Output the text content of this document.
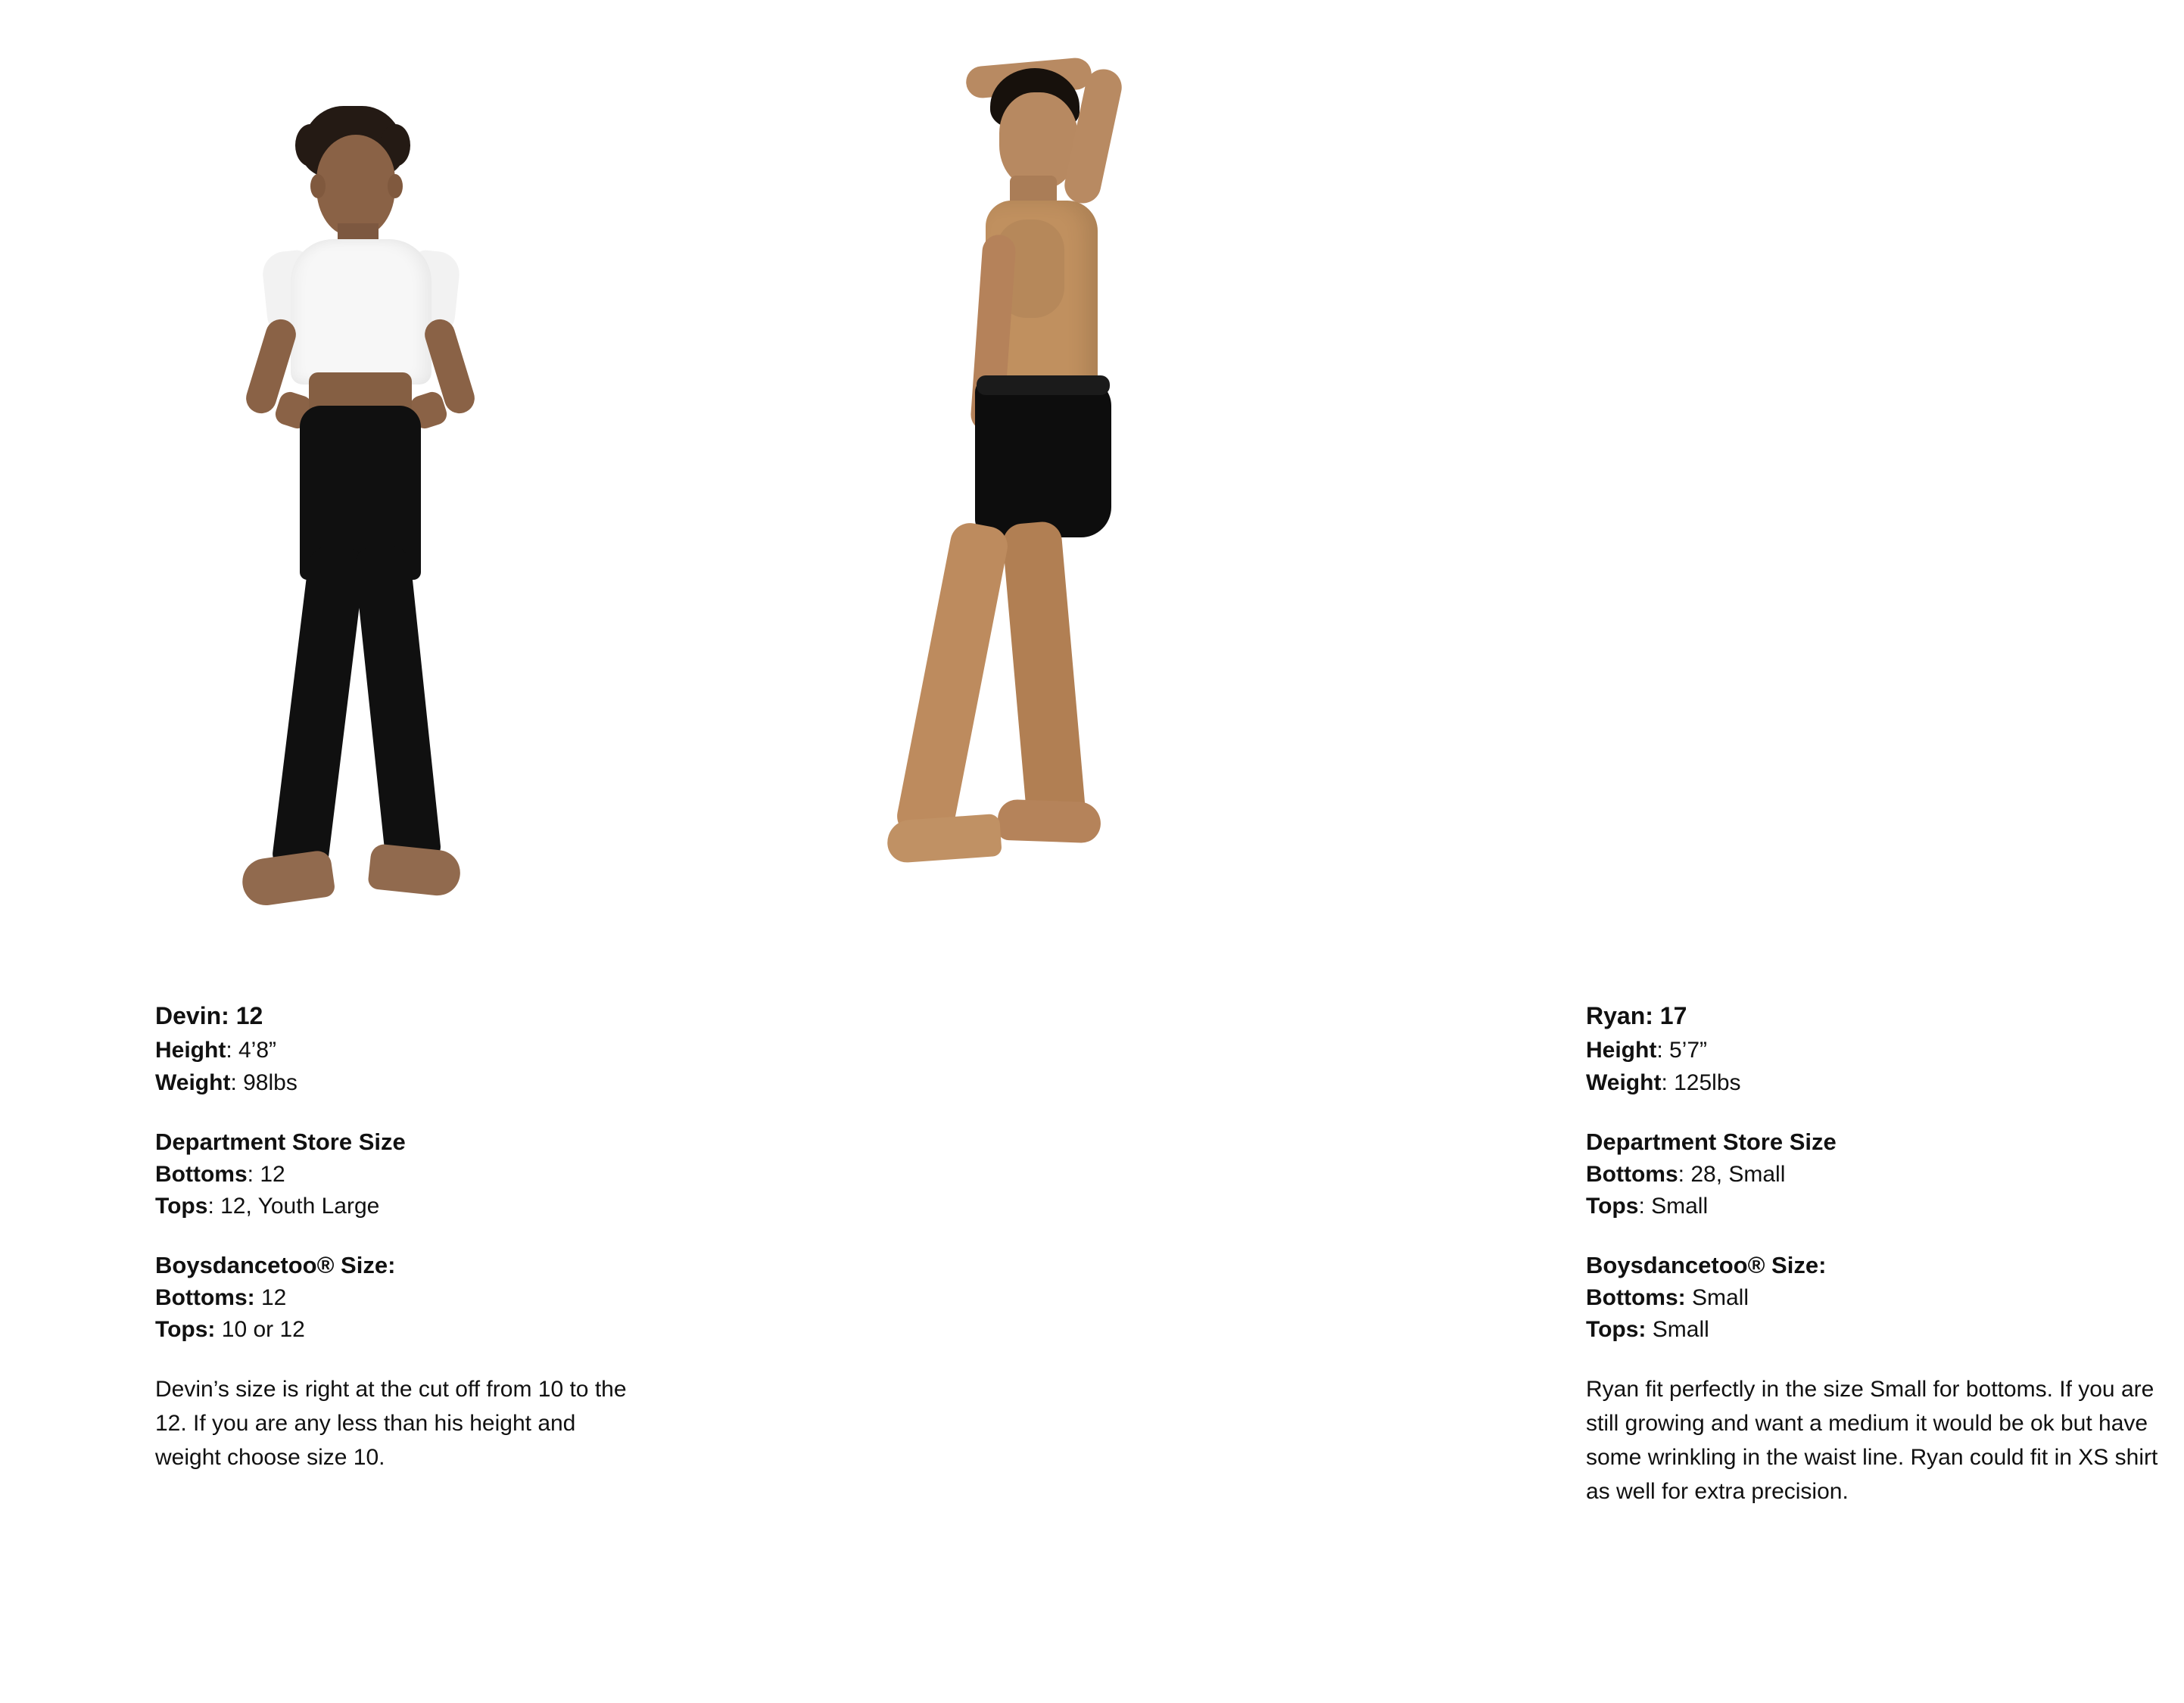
Devin: 12
Height: 4’8”
Weight: 98lbs
Department Store Size
Bottoms: 12
Tops: 12, Youth Large
Boysdancetoo® Size:
Bottoms: 12
Tops: 10 or 12
Devin’s size is right at the cut off from 10 to the 12. If you are any less than his height and weight choose size 10.
Ryan: 17
Height: 5’7”
Weight: 125lbs
Department Store Size
Bottoms: 28, Small
Tops: Small
Boysdancetoo® Size:
Bottoms: Small
Tops: Small
Ryan fit perfectly in the size Small for bottoms. If you are still growing and want a medium it would be ok but have some wrinkling in the waist line. Ryan could fit in XS shirt as well for extra precision.
